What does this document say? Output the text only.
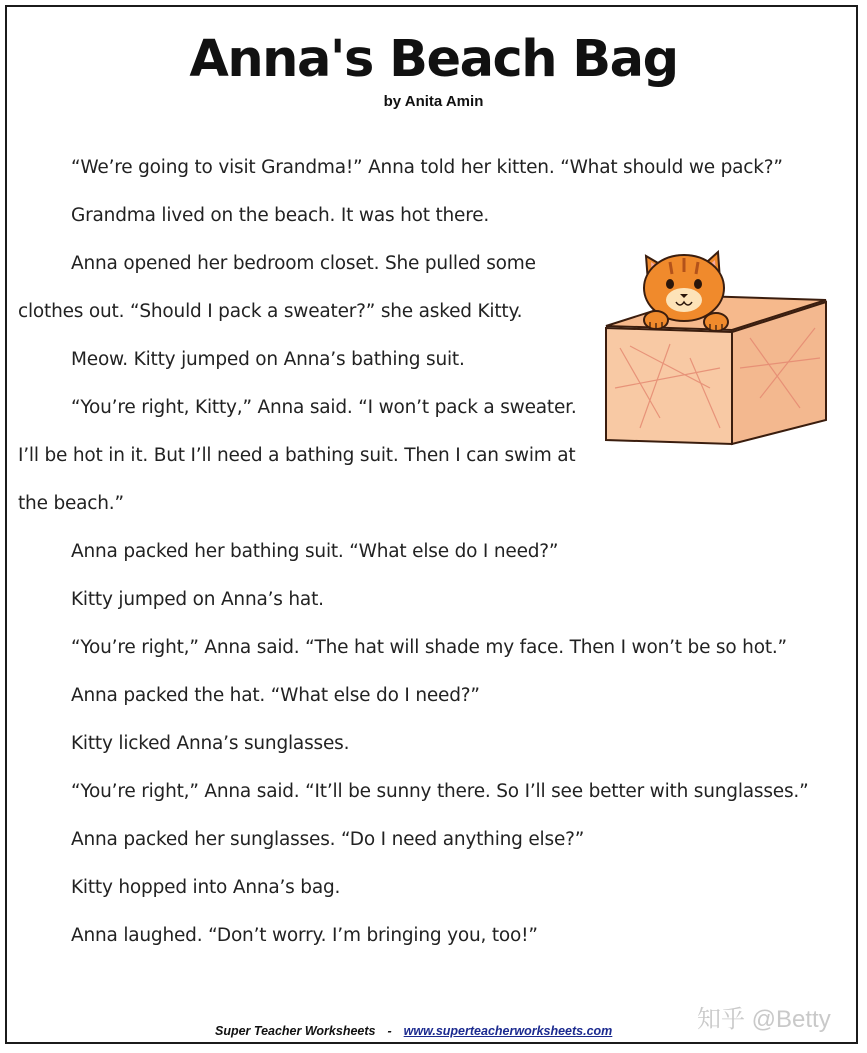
Anna's Beach Bag
by Anita Amin
“We’re going to visit Grandma!” Anna told her kitten. “What should we pack?”
Grandma lived on the beach. It was hot there.
Anna opened her bedroom closet. She pulled some
clothes out. “Should I pack a sweater?” she asked Kitty.
Meow. Kitty jumped on Anna’s bathing suit.
“You’re right, Kitty,” Anna said. “I won’t pack a sweater.
I’ll be hot in it. But I’ll need a bathing suit. Then I can swim at
the beach.”
Anna packed her bathing suit. “What else do I need?”
Kitty jumped on Anna’s hat.
“You’re right,” Anna said. “The hat will shade my face. Then I won’t be so hot.”
Anna packed the hat. “What else do I need?”
Kitty licked Anna’s sunglasses.
“You’re right,” Anna said. “It’ll be sunny there. So I’ll see better with sunglasses.”
Anna packed her sunglasses. “Do I need anything else?”
Kitty hopped into Anna’s bag.
Anna laughed. “Don’t worry. I’m bringing you, too!”
Super Teacher Worksheets - www.superteacherworksheets.com	知乎 @Betty
